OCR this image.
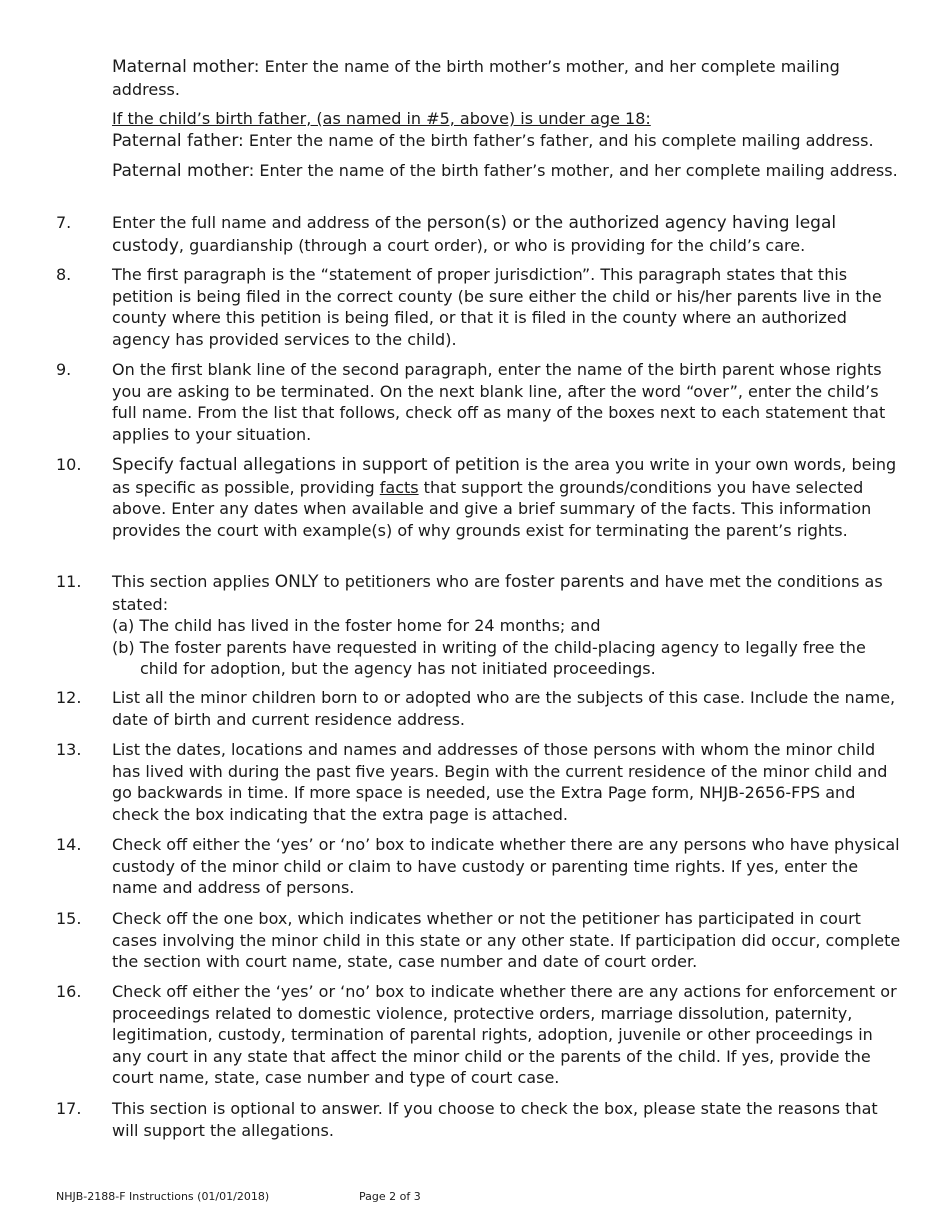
Maternal mother: Enter the name of the birth mother’s mother, and her complete mailing address.
If the child’s birth father, (as named in #5, above) is under age 18:
Paternal father: Enter the name of the birth father’s father, and his complete mailing address.
Paternal mother: Enter the name of the birth father’s mother, and her complete mailing address.
7.	Enter the full name and address of the person(s) or the authorized agency having legal custody, guardianship (through a court order), or who is providing for the child’s care.
8.	The first paragraph is the “statement of proper jurisdiction”. This paragraph states that this petition is being filed in the correct county (be sure either the child or his/her parents live in the county where this petition is being filed, or that it is filed in the county where an authorized agency has provided services to the child).
9.	On the first blank line of the second paragraph, enter the name of the birth parent whose rights you are asking to be terminated. On the next blank line, after the word “over”, enter the child’s full name. From the list that follows, check off as many of the boxes next to each statement that applies to your situation.
10.	Specify factual allegations in support of petition is the area you write in your own words, being as specific as possible, providing facts that support the grounds/conditions you have selected above. Enter any dates when available and give a brief summary of the facts. This information provides the court with example(s) of why grounds exist for terminating the parent’s rights.
11.	This section applies ONLY to petitioners who are foster parents and have met the conditions as stated:
(a) The child has lived in the foster home for 24 months; and
(b) The foster parents have requested in writing of the child-placing agency to legally free the child for adoption, but the agency has not initiated proceedings.
12.	List all the minor children born to or adopted who are the subjects of this case. Include the name, date of birth and current residence address.
13.	List the dates, locations and names and addresses of those persons with whom the minor child has lived with during the past five years. Begin with the current residence of the minor child and go backwards in time. If more space is needed, use the Extra Page form, NHJB-2656-FPS and check the box indicating that the extra page is attached.
14.	Check off either the ‘yes’ or ‘no’ box to indicate whether there are any persons who have physical custody of the minor child or claim to have custody or parenting time rights. If yes, enter the name and address of persons.
15.	Check off the one box, which indicates whether or not the petitioner has participated in court cases involving the minor child in this state or any other state. If participation did occur, complete the section with court name, state, case number and date of court order.
16.	Check off either the ‘yes’ or ‘no’ box to indicate whether there are any actions for enforcement or proceedings related to domestic violence, protective orders, marriage dissolution, paternity, legitimation, custody, termination of parental rights, adoption, juvenile or other proceedings in any court in any state that affect the minor child or the parents of the child. If yes, provide the court name, state, case number and type of court case.
17.	This section is optional to answer. If you choose to check the box, please state the reasons that will support the allegations.
NHJB-2188-F Instructions (01/01/2018)	Page 2 of 3
